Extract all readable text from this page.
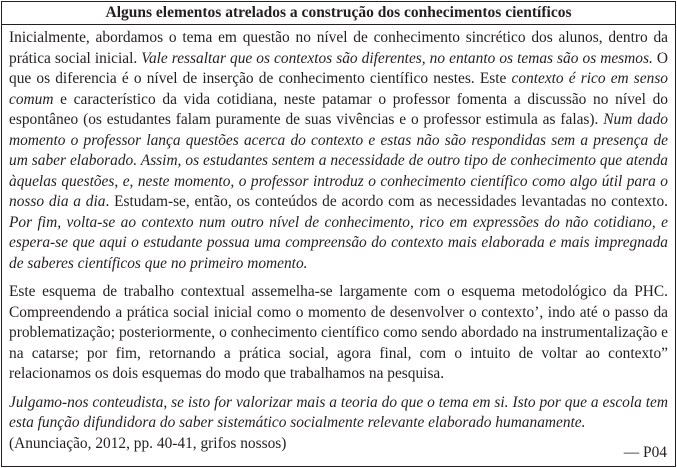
Alguns elementos atrelados a construção dos conhecimentos científicos

Inicialmente, abordamos o tema em questão no nível de conhecimento sincrético dos alunos, dentro da prática social inicial. Vale ressaltar que os contextos são diferentes, no entanto os temas são os mesmos. O que os diferencia é o nível de inserção de conhecimento científico nestes. Este contexto é rico em senso comum e característico da vida cotidiana, neste patamar o professor fomenta a discussão no nível do espontâneo (os estudantes falam puramente de suas vivências e o professor estimula as falas). Num dado momento o professor lança questões acerca do contexto e estas não são respondidas sem a presença de um saber elaborado. Assim, os estudantes sentem a necessidade de outro tipo de conhecimento que atenda àquelas questões, e, neste momento, o professor introduz o conhecimento científico como algo útil para o nosso dia a dia. Estudam-se, então, os conteúdos de acordo com as necessidades levantadas no contexto. Por fim, volta-se ao contexto num outro nível de conhecimento, rico em expressões do não cotidiano, e espera-se que aqui o estudante possua uma compreensão do contexto mais elaborada e mais impregnada de saberes científicos que no primeiro momento.

Este esquema de trabalho contextual assemelha-se largamente com o esquema metodológico da PHC. Compreendendo a prática social inicial como o momento de desenvolver o contexto’, indo até o passo da problematização; posteriormente, o conhecimento científico como sendo abordado na instrumentalização e na catarse; por fim, retornando a prática social, agora final, com o intuito de voltar ao contexto” relacionamos os dois esquemas do modo que trabalhamos na pesquisa.

Julgamo-nos conteudista, se isto for valorizar mais a teoria do que o tema em si. Isto por que a escola tem esta função difundidora do saber sistemático socialmente relevante elaborado humanamente.
(Anunciação, 2012, pp. 40-41, grifos nossos)

— P04
